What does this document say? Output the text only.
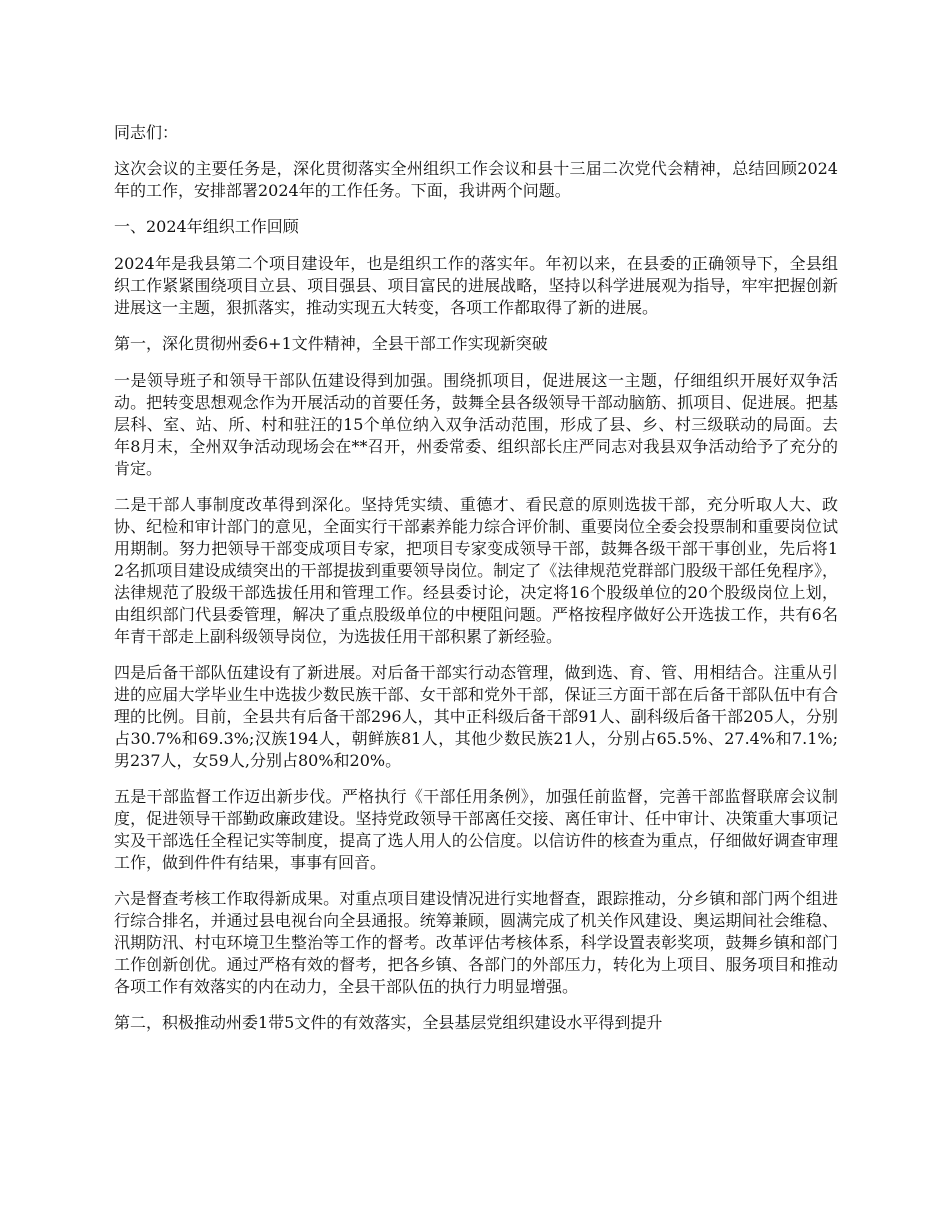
同志们：

这次会议的主要任务是，深化贯彻落实全州组织工作会议和县十三届二次党代会精神，总结回顾2024年的工作，安排部署2024年的工作任务。下面，我讲两个问题。

一、2024年组织工作回顾

2024年是我县第二个项目建设年，也是组织工作的落实年。年初以来，在县委的正确领导下，全县组织工作紧紧围绕项目立县、项目强县、项目富民的进展战略，坚持以科学进展观为指导，牢牢把握创新进展这一主题，狠抓落实，推动实现五大转变，各项工作都取得了新的进展。

第一，深化贯彻州委6+1文件精神，全县干部工作实现新突破

一是领导班子和领导干部队伍建设得到加强。围绕抓项目，促进展这一主题，仔细组织开展好双争活动。把转变思想观念作为开展活动的首要任务，鼓舞全县各级领导干部动脑筋、抓项目、促进展。把基层科、室、站、所、村和驻汪的15个单位纳入双争活动范围，形成了县、乡、村三级联动的局面。去年8月末，全州双争活动现场会在**召开，州委常委、组织部长庄严同志对我县双争活动给予了充分的肯定。

二是干部人事制度改革得到深化。坚持凭实绩、重德才、看民意的原则选拔干部，充分听取人大、政协、纪检和审计部门的意见，全面实行干部素养能力综合评价制、重要岗位全委会投票制和重要岗位试用期制。努力把领导干部变成项目专家，把项目专家变成领导干部，鼓舞各级干部干事创业，先后将12名抓项目建设成绩突出的干部提拔到重要领导岗位。制定了《法律规范党群部门股级干部任免程序》，法律规范了股级干部选拔任用和管理工作。经县委讨论，决定将16个股级单位的20个股级岗位上划，由组织部门代县委管理，解决了重点股级单位的中梗阻问题。严格按程序做好公开选拔工作，共有6名年青干部走上副科级领导岗位，为选拔任用干部积累了新经验。

四是后备干部队伍建设有了新进展。对后备干部实行动态管理，做到选、育、管、用相结合。注重从引进的应届大学毕业生中选拔少数民族干部、女干部和党外干部，保证三方面干部在后备干部队伍中有合理的比例。目前，全县共有后备干部296人，其中正科级后备干部91人、副科级后备干部205人，分别占30.7%和69.3%;汉族194人，朝鲜族81人，其他少数民族21人，分别占65.5%、27.4%和7.1%;男237人，女59人,分别占80%和20%。

五是干部监督工作迈出新步伐。严格执行《干部任用条例》，加强任前监督，完善干部监督联席会议制度，促进领导干部勤政廉政建设。坚持党政领导干部离任交接、离任审计、任中审计、决策重大事项记实及干部选任全程记实等制度，提高了选人用人的公信度。以信访件的核查为重点，仔细做好调查审理工作，做到件件有结果，事事有回音。

六是督查考核工作取得新成果。对重点项目建设情况进行实地督查，跟踪推动，分乡镇和部门两个组进行综合排名，并通过县电视台向全县通报。统筹兼顾，圆满完成了机关作风建设、奥运期间社会维稳、汛期防汛、村屯环境卫生整治等工作的督考。改革评估考核体系，科学设置表彰奖项，鼓舞乡镇和部门工作创新创优。通过严格有效的督考，把各乡镇、各部门的外部压力，转化为上项目、服务项目和推动各项工作有效落实的内在动力，全县干部队伍的执行力明显增强。

第二，积极推动州委1带5文件的有效落实，全县基层党组织建设水平得到提升
